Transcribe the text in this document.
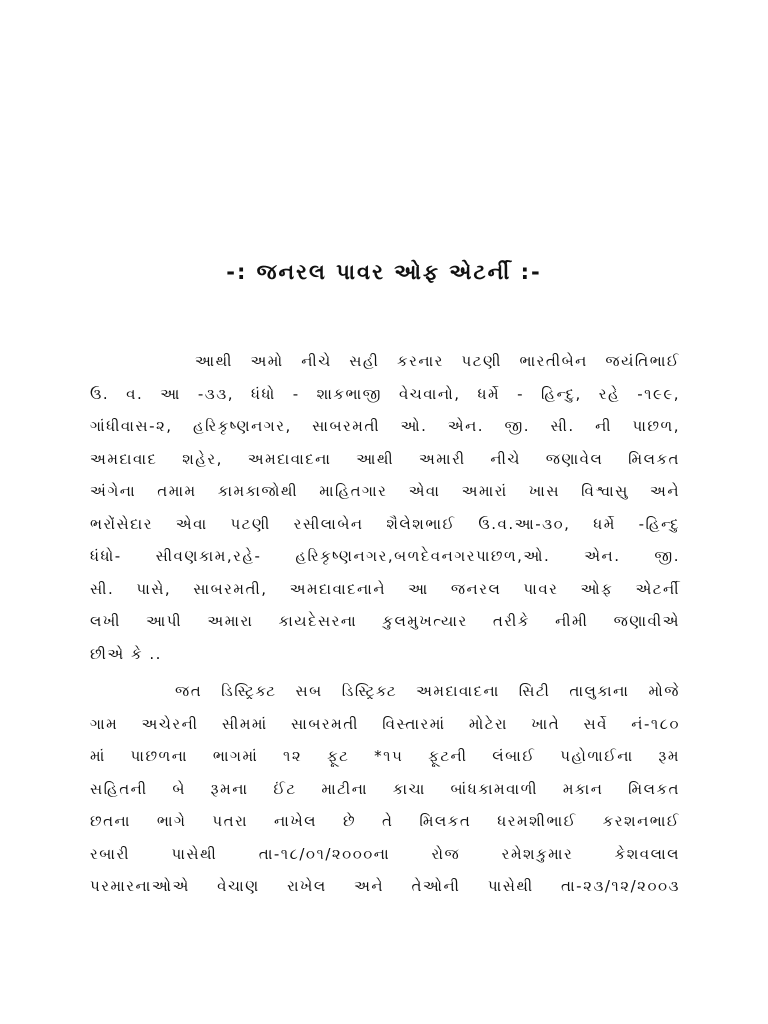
-: જનરલ પાવર ઓફ એટર્ની :-
આથી અમો નીચે સહી કરનાર પટણી ભારતીબેન જયંતિભાઈ
ઉ. વ. આ -૩૩, ધંધો - શાકભાજી વેચવાનો, ધર્મે - હિન્દુ, રહે -૧૯૯,
ગાંધીવાસ-૨, હરિકૃષ્ણનગર, સાબરમતી ઓ. એન. જી. સી. ની પાછળ,
અમદાવાદ શહેર, અમદાવાદના આથી અમારી નીચે જણાવેલ મિલકત
અંગેના તમામ કામકાજોથી માહિતગાર એવા અમારાં ખાસ વિશ્વાસુ અને
ભરોંસેદાર એવા પટણી રસીલાબેન શૈલેશભાઈ ઉ.વ.આ-૩૦, ધર્મે -હિન્દુ
ધંધો- સીવણકામ,રહે- હરિકૃષ્ણનગર,બળદેવનગરપાછળ,ઓ. એન. જી.
સી. પાસે, સાબરમતી, અમદાવાદનાને આ જનરલ પાવર ઓફ એટર્ની
લખી આપી અમારા કાયદેસરના કુલમુખત્યાર તરીકે નીમી જણાવીએ
છીએ કે ..
જત ડિસ્ટ્રિક્ટ સબ ડિસ્ટ્રિક્ટ અમદાવાદના સિટી તાલુકાના મોજે
ગામ અચેરની સીમમાં સાબરમતી વિસ્તારમાં મોટેરા ખાતે સર્વે નં-૧૮૦
માં પાછળના ભાગમાં ૧૨ ફૂટ *૧૫ ફૂટની લંબાઈ પહોળાઈના રૂમ
સહિતની બે રૂમના ઈંટ માટીના કાચા બાંધકામવાળી મકાન મિલકત
છતના ભાગે પતરા નાખેલ છે તે મિલકત ધરમશીભાઈ કરશનભાઈ
રબારી પાસેથી તા-૧૮/૦૧/૨૦૦૦ના રોજ રમેશકુમાર કેશવલાલ
પરમારનાઓએ વેચાણ રાખેલ અને તેઓની પાસેથી તા-૨૩/૧૨/૨૦૦૩
